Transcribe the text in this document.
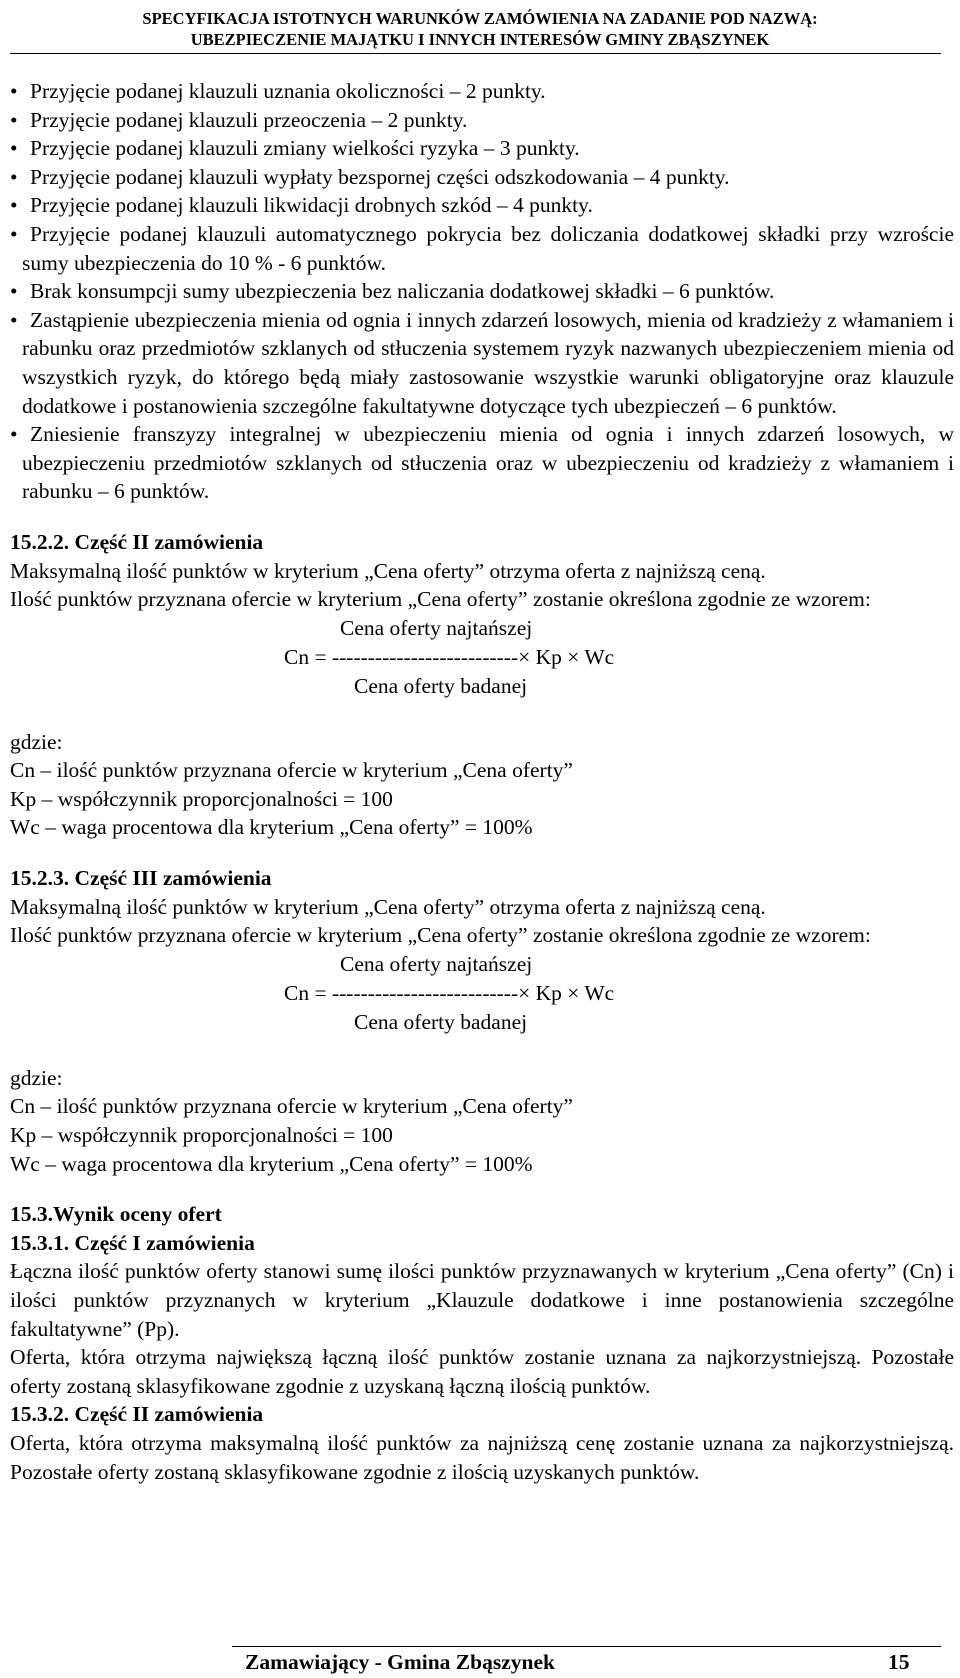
SPECYFIKACJA ISTOTNYCH WARUNKÓW ZAMÓWIENIA NA ZADANIE POD NAZWĄ:
UBEZPIECZENIE MAJĄTKU I INNYCH INTERESÓW GMINY ZBĄSZYNEK

• Przyjęcie podanej klauzuli uznania okoliczności – 2 punkty.

• Przyjęcie podanej klauzuli przeoczenia – 2 punkty.

• Przyjęcie podanej klauzuli zmiany wielkości ryzyka – 3 punkty.

• Przyjęcie podanej klauzuli wypłaty bezspornej części odszkodowania – 4 punkty.

• Przyjęcie podanej klauzuli likwidacji drobnych szkód – 4 punkty.

• Przyjęcie podanej klauzuli automatycznego pokrycia bez doliczania dodatkowej składki przy wzroście sumy ubezpieczenia do 10 % - 6 punktów.

• Brak konsumpcji sumy ubezpieczenia bez naliczania dodatkowej składki – 6 punktów.

• Zastąpienie ubezpieczenia mienia od ognia i innych zdarzeń losowych, mienia od kradzieży z włamaniem i rabunku oraz przedmiotów szklanych od stłuczenia systemem ryzyk nazwanych ubezpieczeniem mienia od wszystkich ryzyk, do którego będą miały zastosowanie wszystkie warunki obligatoryjne oraz klauzule dodatkowe i postanowienia szczególne fakultatywne dotyczące tych ubezpieczeń – 6 punktów.

• Zniesienie franszyzy integralnej w ubezpieczeniu mienia od ognia i innych zdarzeń losowych, w ubezpieczeniu przedmiotów szklanych od stłuczenia oraz w ubezpieczeniu od kradzieży z włamaniem i rabunku – 6 punktów.

15.2.2. Część II zamówienia

Maksymalną ilość punktów w kryterium „Cena oferty” otrzyma oferta z najniższą ceną.

Ilość punktów przyznana ofercie w kryterium „Cena oferty” zostanie określona zgodnie ze wzorem:

Cena oferty najtańszej
Cn = --------------------------× Kp × Wc
Cena oferty badanej

gdzie:

Cn – ilość punktów przyznana ofercie w kryterium „Cena oferty”

Kp – współczynnik proporcjonalności = 100

Wc – waga procentowa dla kryterium „Cena oferty” = 100%

15.2.3. Część III zamówienia

Maksymalną ilość punktów w kryterium „Cena oferty” otrzyma oferta z najniższą ceną.

Ilość punktów przyznana ofercie w kryterium „Cena oferty” zostanie określona zgodnie ze wzorem:

Cena oferty najtańszej
Cn = --------------------------× Kp × Wc
Cena oferty badanej

gdzie:

Cn – ilość punktów przyznana ofercie w kryterium „Cena oferty”

Kp – współczynnik proporcjonalności = 100

Wc – waga procentowa dla kryterium „Cena oferty” = 100%

15.3.Wynik oceny ofert

15.3.1. Część I zamówienia

Łączna ilość punktów oferty stanowi sumę ilości punktów przyznawanych w kryterium „Cena oferty” (Cn) i ilości punktów przyznanych w kryterium „Klauzule dodatkowe i inne postanowienia szczególne fakultatywne” (Pp).

Oferta, która otrzyma największą łączną ilość punktów zostanie uznana za najkorzystniejszą. Pozostałe oferty zostaną sklasyfikowane zgodnie z uzyskaną łączną ilością punktów.

15.3.2. Część II zamówienia

Oferta, która otrzyma maksymalną ilość punktów za najniższą cenę zostanie uznana za najkorzystniejszą. Pozostałe oferty zostaną sklasyfikowane zgodnie z ilością uzyskanych punktów.

Zamawiający - Gmina Zbąszynek	15
